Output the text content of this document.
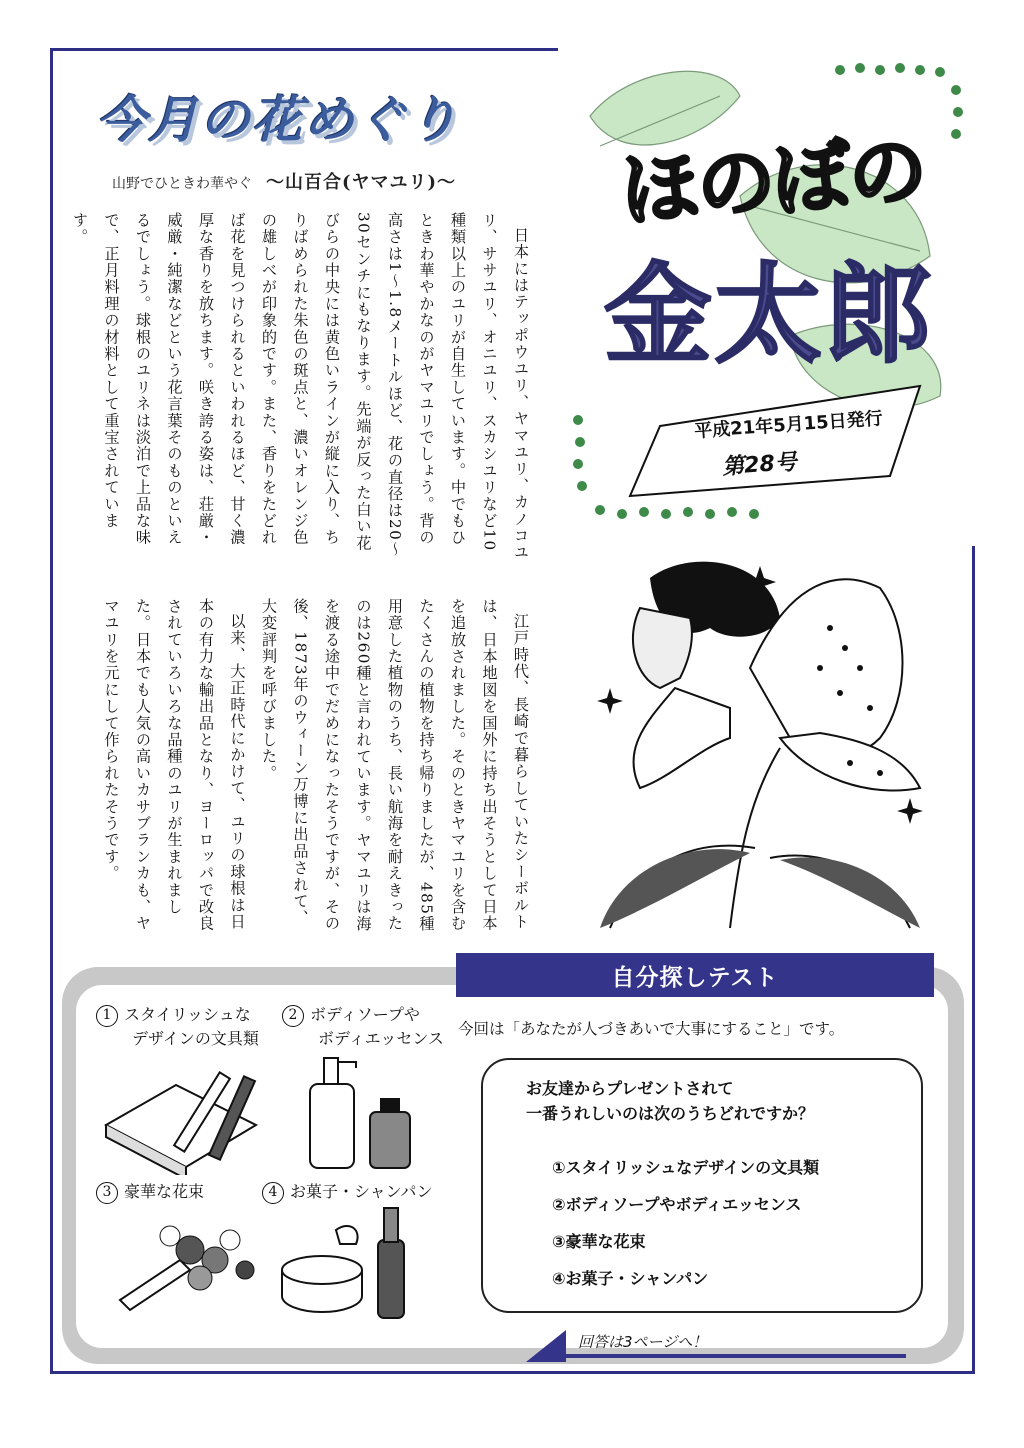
今月の花めぐり
山野でひときわ華やぐ 〜山百合(ヤマユリ)〜

日本にはテッポウユリ、ヤマユリ、カノコユリ、ササユリ、オニユリ、スカシユリなど10種類以上のユリが自生しています。中でもひときわ華やかなのがヤマユリでしょう。背の高さは1〜1.8メートルほど、花の直径は20〜30センチにもなります。先端が反った白い花びらの中央には黄色いラインが縦に入り、ちりばめられた朱色の斑点と、濃いオレンジ色の雄しべが印象的です。また、香りをたどれば花を見つけられるといわれるほど、甘く濃厚な香りを放ちます。咲き誇る姿は、荘厳・威厳・純潔などという花言葉そのものといえるでしょう。球根のユリネは淡泊で上品な味で、正月料理の材料として重宝されています。

江戸時代、長崎で暮らしていたシーボルトは、日本地図を国外に持ち出そうとして日本を追放されました。そのときヤマユリを含むたくさんの植物を持ち帰りましたが、485種用意した植物のうち、長い航海を耐えきったのは260種と言われています。ヤマユリは海を渡る途中でだめになったそうですが、その後、1873年のウィーン万博に出品されて、大変評判を呼びました。

以来、大正時代にかけて、ユリの球根は日本の有力な輸出品となり、ヨーロッパで改良されていろいろな品種のユリが生まれました。日本でも人気の高いカサブランカも、ヤマユリを元にして作られたそうです。

ほのぼの
金太郎
平成21年5月15日発行
第28号
自分探しテスト
今回は「あなたが人づきあいで大事にすること」です。
お友達からプレゼントされて
一番うれしいのは次のうちどれですか？
①スタイリッシュなデザインの文具類
②ボディソープやボディエッセンス
③豪華な花束
④お菓子・シャンパン
回答は3ページへ！
1 スタイリッシュな
デザインの文具類
2 ボディソープや
ボディエッセンス
3 豪華な花束	4 お菓子・シャンパン
